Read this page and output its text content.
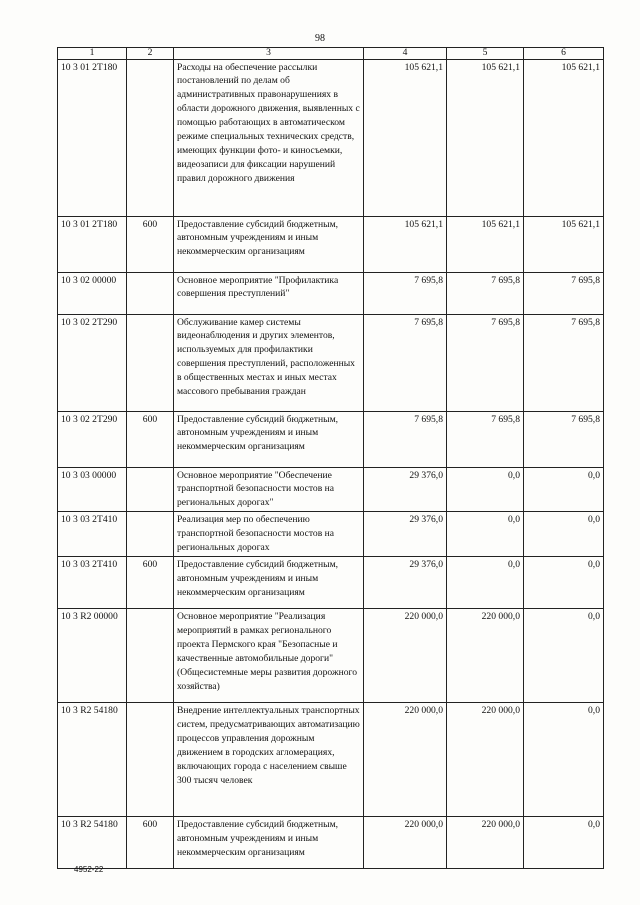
98
1	2	3	4	5	6
10 3 01 2Т180		Расходы на обеспечение рассылки постановлений по делам об административных правонарушениях в области дорожного движения, выявленных с помощью работающих в автоматическом режиме специальных технических средств, имеющих функции фото- и киносъемки, видеозаписи для фиксации нарушений правил дорожного движения	105 621,1	105 621,1	105 621,1
10 3 01 2Т180	600	Предоставление субсидий бюджетным, автономным учреждениям и иным некоммерческим организациям	105 621,1	105 621,1	105 621,1
10 3 02 00000		Основное мероприятие "Профилактика совершения преступлений"	7 695,8	7 695,8	7 695,8
10 3 02 2Т290		Обслуживание камер системы видеонаблюдения и других элементов, используемых для профилактики совершения преступлений, расположенных в общественных местах и иных местах массового пребывания граждан	7 695,8	7 695,8	7 695,8
10 3 02 2Т290	600	Предоставление субсидий бюджетным, автономным учреждениям и иным некоммерческим организациям	7 695,8	7 695,8	7 695,8
10 3 03 00000		Основное мероприятие "Обеспечение транспортной безопасности мостов на региональных дорогах"	29 376,0	0,0	0,0
10 3 03 2Т410		Реализация мер по обеспечению транспортной безопасности мостов на региональных дорогах	29 376,0	0,0	0,0
10 3 03 2Т410	600	Предоставление субсидий бюджетным, автономным учреждениям и иным некоммерческим организациям	29 376,0	0,0	0,0
10 3 R2 00000		Основное мероприятие "Реализация мероприятий в рамках регионального проекта Пермского края "Безопасные и качественные автомобильные дороги" (Общесистемные меры развития дорожного хозяйства)	220 000,0	220 000,0	0,0
10 3 R2 54180		Внедрение интеллектуальных транспортных систем, предусматривающих автоматизацию процессов управления дорожным движением в городских агломерациях, включающих города с населением свыше 300 тысяч человек	220 000,0	220 000,0	0,0
10 3 R2 54180	600	Предоставление субсидий бюджетным, автономным учреждениям и иным некоммерческим организациям	220 000,0	220 000,0	0,0
4952-22
